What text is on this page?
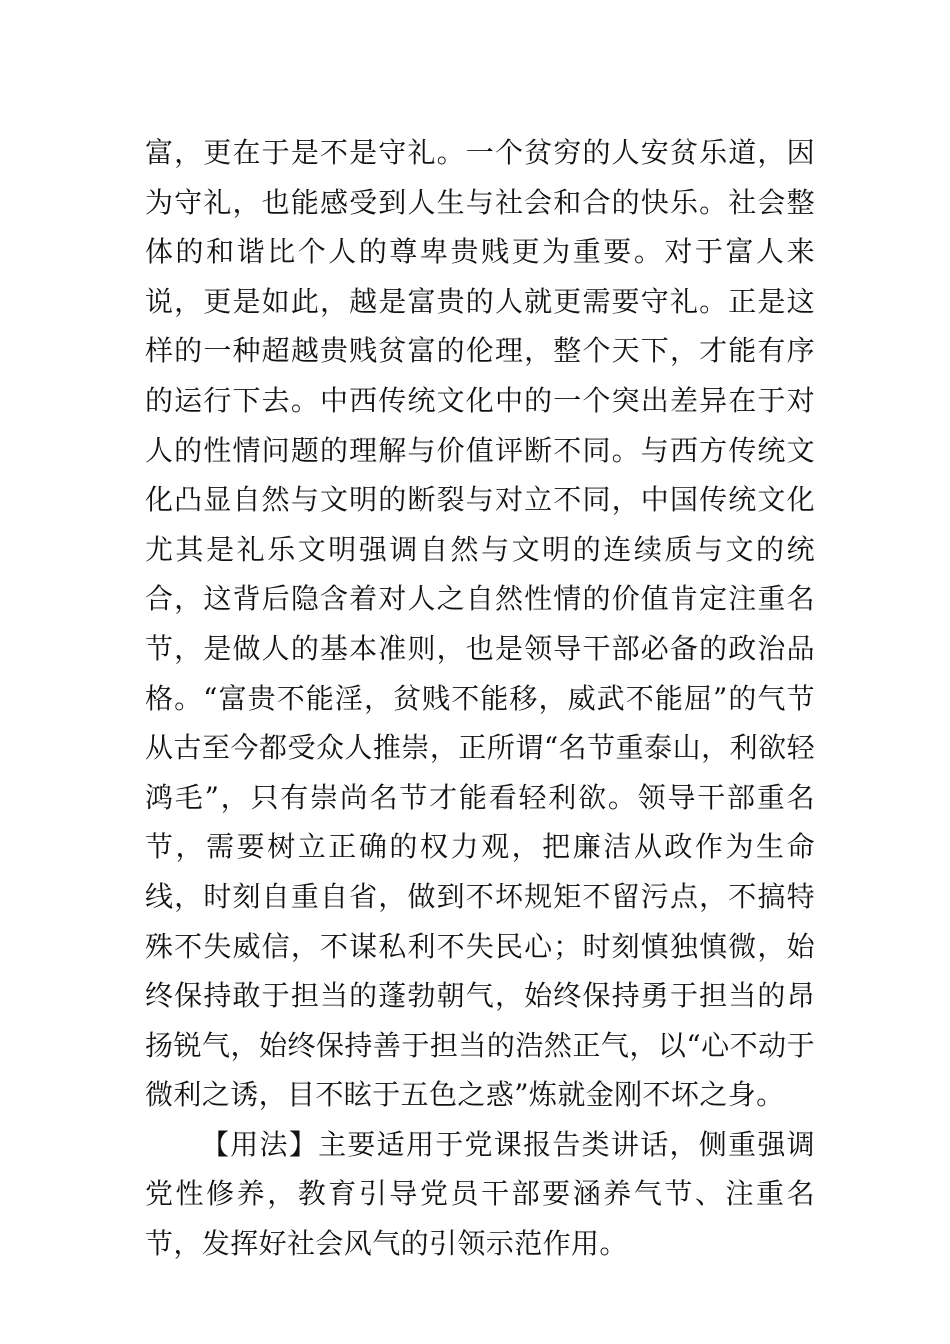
富，更在于是不是守礼。一个贫穷的人安贫乐道，因为守礼，也能感受到人生与社会和合的快乐。社会整体的和谐比个人的尊卑贵贱更为重要。对于富人来说，更是如此，越是富贵的人就更需要守礼。正是这样的一种超越贵贱贫富的伦理，整个天下，才能有序的运行下去。中西传统文化中的一个突出差异在于对人的性情问题的理解与价值评断不同。与西方传统文化凸显自然与文明的断裂与对立不同，中国传统文化尤其是礼乐文明强调自然与文明的连续质与文的统合，这背后隐含着对人之自然性情的价值肯定注重名节，是做人的基本准则，也是领导干部必备的政治品格。“富贵不能淫，贫贱不能移，威武不能屈”的气节从古至今都受众人推崇，正所谓“名节重泰山，利欲轻鸿毛”，只有崇尚名节才能看轻利欲。领导干部重名节，需要树立正确的权力观，把廉洁从政作为生命线，时刻自重自省，做到不坏规矩不留污点，不搞特殊不失威信，不谋私利不失民心；时刻慎独慎微，始终保持敢于担当的蓬勃朝气，始终保持勇于担当的昂扬锐气，始终保持善于担当的浩然正气，以“心不动于微利之诱，目不眩于五色之惑”炼就金刚不坏之身。

【用法】主要适用于党课报告类讲话，侧重强调党性修养，教育引导党员干部要涵养气节、注重名节，发挥好社会风气的引领示范作用。
